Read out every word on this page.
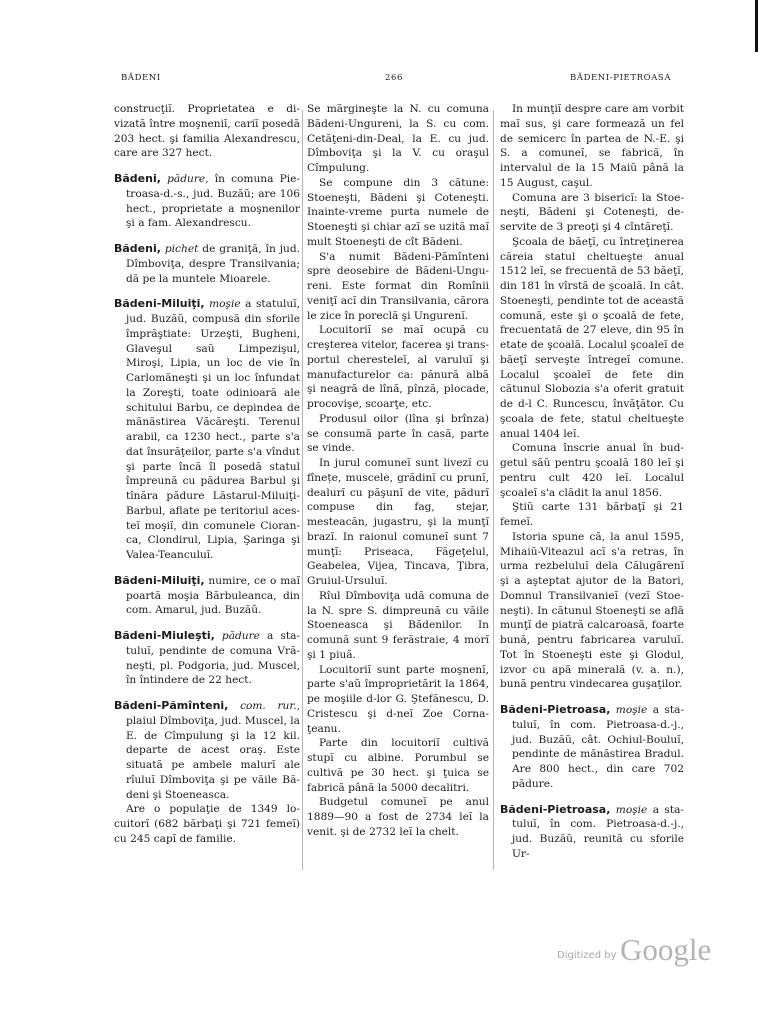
BĂDENI	266	BĂDENI-PIETROASA

construcţiĭ. Proprietatea e divizată între moşneniĭ, cariĭ posedă 203 hect. şi familia Alexandrescu, care are 327 hect.

Bădeni, pădure, în comuna Pietroasa-d.-s., jud. Buzăŭ; are 106 hect., proprietate a moşnenilor şi a fam. Alexandrescu.

Bădeni, pichet de graniţă, în jud. Dîmboviţa, despre Transilvania; dă pe la muntele Mioarele.

Bădeni-Miluiţi, moşie a statuluĭ, jud. Buzăŭ, compusă din sforile împrăştiate: Urzeşti, Bugheni, Glaveşul saŭ Limpezişul, Miroşi, Lipia, un loc de vie în Carlomăneşti şi un loc înfundat la Zoreşti, toate odinioară ale schitului Barbu, ce depindea de mănăstirea Văcăreşti. Terenul arabil, ca 1230 hect., parte s'a dat însurăţeilor, parte s'a vîndut şi parte încă îl posedă statul împreună cu pădurea Barbul şi tînăra pădure Lăstarul-Miluiţi-Barbul, aflate pe teritoriul acesteĭ moşiĭ, din comunele Cioranca, Clondirul, Lipia, Şaringa şi Valea-Teanculuĭ.

Bădeni-Miluiţi, numire, ce o maĭ poartă moşia Bărbuleanca, din com. Amarul, jud. Buzăŭ.

Bădeni-Miuleşti, pădure a statuluĭ, pendinte de comuna Vrăneşti, pl. Podgoria, jud. Muscel, în întindere de 22 hect.

Bădeni-Pămînteni, com. rur., plaiul Dîmboviţa, jud. Muscel, la E. de Cîmpulung şi la 12 kil. departe de acest oraş. Este situată pe ambele malurĭ ale rîuluĭ Dîmboviţa şi pe văile Bădeni şi Stoeneasca.

Are o populaţie de 1349 locuitorĭ (682 bărbaţi şi 721 femeĭ) cu 245 capĭ de familie.

Se mărgineşte la N. cu comuna Bădeni-Ungureni, la S. cu com. Cetăţeni-din-Deal, la E. cu jud. Dîmboviţa şi la V. cu oraşul Cîmpulung.

Se compune din 3 cătune: Stoeneşti, Bădeni şi Coteneşti. Inainte-vreme purta numele de Stoeneşti şi chiar azĭ se uzită maĭ mult Stoeneşti de cît Bădeni.

S'a numit Bădeni-Pămînteni spre deosebire de Bădeni-Ungureni. Este format din Romînii veniţĭ acĭ din Transilvania, cărora le zice în poreclă şi Ungurenĭ.

Locuitoriĭ se maĭ ocupă cu creşterea vitelor, facerea şi transportul cheresteleĭ, al varuluĭ şi manufacturelor ca: pănură albă şi neagră de lînă, pînză, plocade, procovişe, scoarţe, etc.

Produsul oilor (lîna şi brînza) se consumă parte în casă, parte se vinde.

In jurul comuneĭ sunt livezĭ cu fînețe, muscele, grădinĭ cu prunĭ, dealurĭ cu păşunĭ de vite, pădurĭ compuse din fag, stejar, mesteacăn, jugastru, şi la munţĭ brazĭ. In raionul comuneĭ sunt 7 munţĭ: Priseaca, Făgeţelul, Geabelea, Vijea, Tincava, Ţibra, Gruiul-Ursuluĭ.

Rîul Dîmboviţa udă comuna de la N. spre S. dimpreună cu văile Stoeneasca şi Bădenilor. In comună sunt 9 ferăstraie, 4 morĭ şi 1 piuă.

Locuitoriĭ sunt parte moşnenĭ, parte s'aŭ împroprietărit la 1864, pe moşiile d-lor G. Ştefănescu, D. Cristescu şi d-neĭ Zoe Cornaţeanu.

Parte din locuitoriĭ cultivă stupĭ cu albine. Porumbul se cultivă pe 30 hect. şi ţuica se fabrică până la 5000 decalitri.

Budgetul comuneĭ pe anul 1889—90 a fost de 2734 leĭ la venit. şi de 2732 leĭ la chelt.

In munţiĭ despre care am vorbit maĭ sus, şi care formează un fel de semicerc în partea de N.-E. şi S. a comuneĭ, se fabrică, în intervalul de la 15 Maiŭ până la 15 August, caşul.

Comuna are 3 bisericĭ: la Stoeneşti, Bădeni şi Coteneşti, deservite de 3 preoţi şi 4 cîntăreţĭ.

Şcoala de băeţĭ, cu întreţinerea căreia statul cheltueşte anual 1512 leĭ, se frecuentă de 53 băeţĭ, din 181 în vîrstă de şcoală. In cât. Stoeneşti, pendinte tot de această comună, este şi o şcoală de fete, frecuentată de 27 eleve, din 95 în etate de şcoală. Localul şcoaleĭ de băeţĭ serveşte întregeĭ comune. Localul şcoaleĭ de fete din cătunul Slobozia s'a oferit gratuit de d-l C. Runcescu, învăţător. Cu şcoala de fete, statul cheltueşte anual 1404 leĭ.

Comuna înscrie anual în budgetul săŭ pentru şcoală 180 leĭ şi pentru cult 420 leĭ. Localul şcoaleĭ s'a clădit la anul 1856.

Ştiŭ carte 131 bărbaţĭ şi 21 femeĭ.

Istoria spune că, la anul 1595, Mihaiŭ-Viteazul acĭ s'a retras, în urma rezbeluluĭ dela Călugărenĭ şi a aşteptat ajutor de la Batori, Domnul Transilvanieĭ (vezĭ Stoeneşti). In cătunul Stoeneşti se află munţĭ de piatră calcaroasă, foarte bună, pentru fabricarea varuluĭ. Tot în Stoeneşti este şi Glodul, izvor cu apă minerală (v. a. n.), bună pentru vindecarea guşaţilor.

Bădeni-Pietroasa, moşie a statuluĭ, în com. Pietroasa-d.-j., jud. Buzăŭ, cât. Ochiul-Bouluĭ, pendinte de mănăstirea Bradul. Are 800 hect., din care 702 pădure.

Bădeni-Pietroasa, moşie a statuluĭ, în com. Pietroasa-d.-j., jud. Buzăŭ, reunită cu sforile Ur-

Digitized by Google
